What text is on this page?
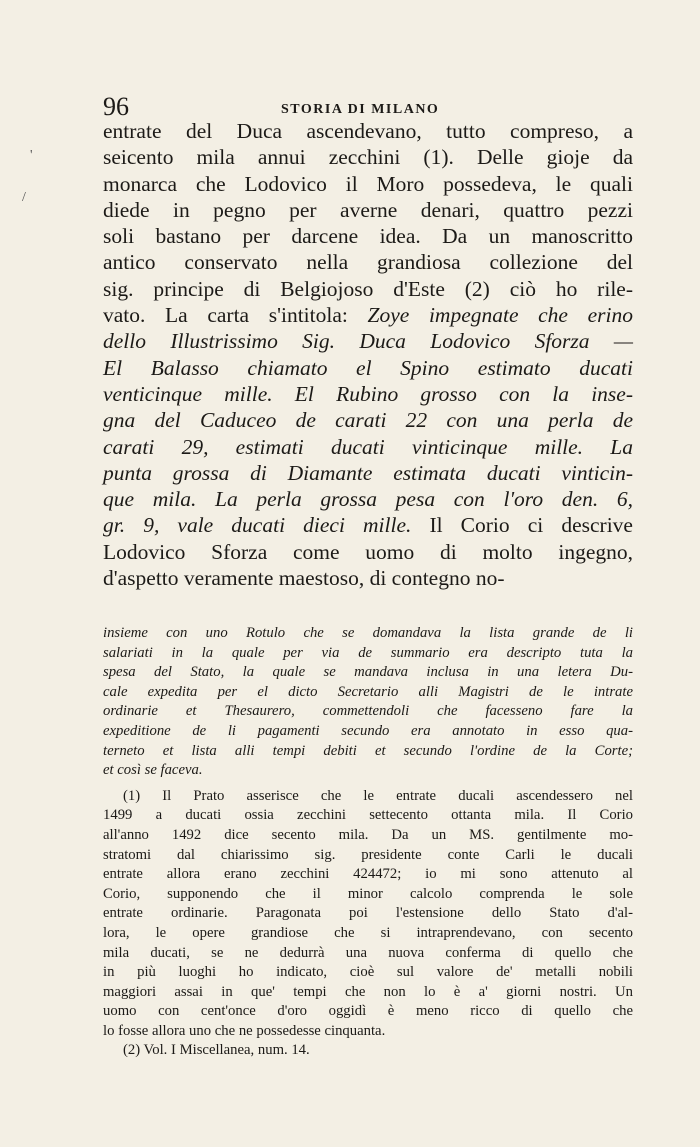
96	STORIA DI MILANO
'
/
entrate del Duca ascendevano, tutto compreso, a
seicento mila annui zecchini (1). Delle gioje da
monarca che Lodovico il Moro possedeva, le quali
diede in pegno per averne denari, quattro pezzi
soli bastano per darcene idea. Da un manoscritto
antico conservato nella grandiosa collezione del
sig. principe di Belgiojoso d'Este (2) ciò ho rile-
vato. La carta s'intitola: Zoye impegnate che erino
dello Illustrissimo Sig. Duca Lodovico Sforza —
El Balasso chiamato el Spino estimato ducati
venticinque mille. El Rubino grosso con la inse-
gna del Caduceo de carati 22 con una perla de
carati 29, estimati ducati vinticinque mille. La
punta grossa di Diamante estimata ducati vinticin-
que mila. La perla grossa pesa con l'oro den. 6,
gr. 9, vale ducati dieci mille. Il Corio ci descrive
Lodovico Sforza come uomo di molto ingegno,
d'aspetto veramente maestoso, di contegno no-
insieme con uno Rotulo che se domandava la lista grande de li
salariati in la quale per via de summario era descripto tuta la
spesa del Stato, la quale se mandava inclusa in una letera Du-
cale expedita per el dicto Secretario alli Magistri de le intrate
ordinarie et Thesaurero, commettendoli che facesseno fare la
expeditione de li pagamenti secundo era annotato in esso qua-
terneto et lista alli tempi debiti et secundo l'ordine de la Corte;
et così se faceva.
(1) Il Prato asserisce che le entrate ducali ascendessero nel
1499 a ducati ossia zecchini settecento ottanta mila. Il Corio
all'anno 1492 dice secento mila. Da un MS. gentilmente mo-
stratomi dal chiarissimo sig. presidente conte Carli le ducali
entrate allora erano zecchini 424472; io mi sono attenuto al
Corio, supponendo che il minor calcolo comprenda le sole
entrate ordinarie. Paragonata poi l'estensione dello Stato d'al-
lora, le opere grandiose che si intraprendevano, con secento
mila ducati, se ne dedurrà una nuova conferma di quello che
in più luoghi ho indicato, cioè sul valore de' metalli nobili
maggiori assai in que' tempi che non lo è a' giorni nostri. Un
uomo con cent'once d'oro oggidì è meno ricco di quello che
lo fosse allora uno che ne possedesse cinquanta.
(2) Vol. I Miscellanea, num. 14.
